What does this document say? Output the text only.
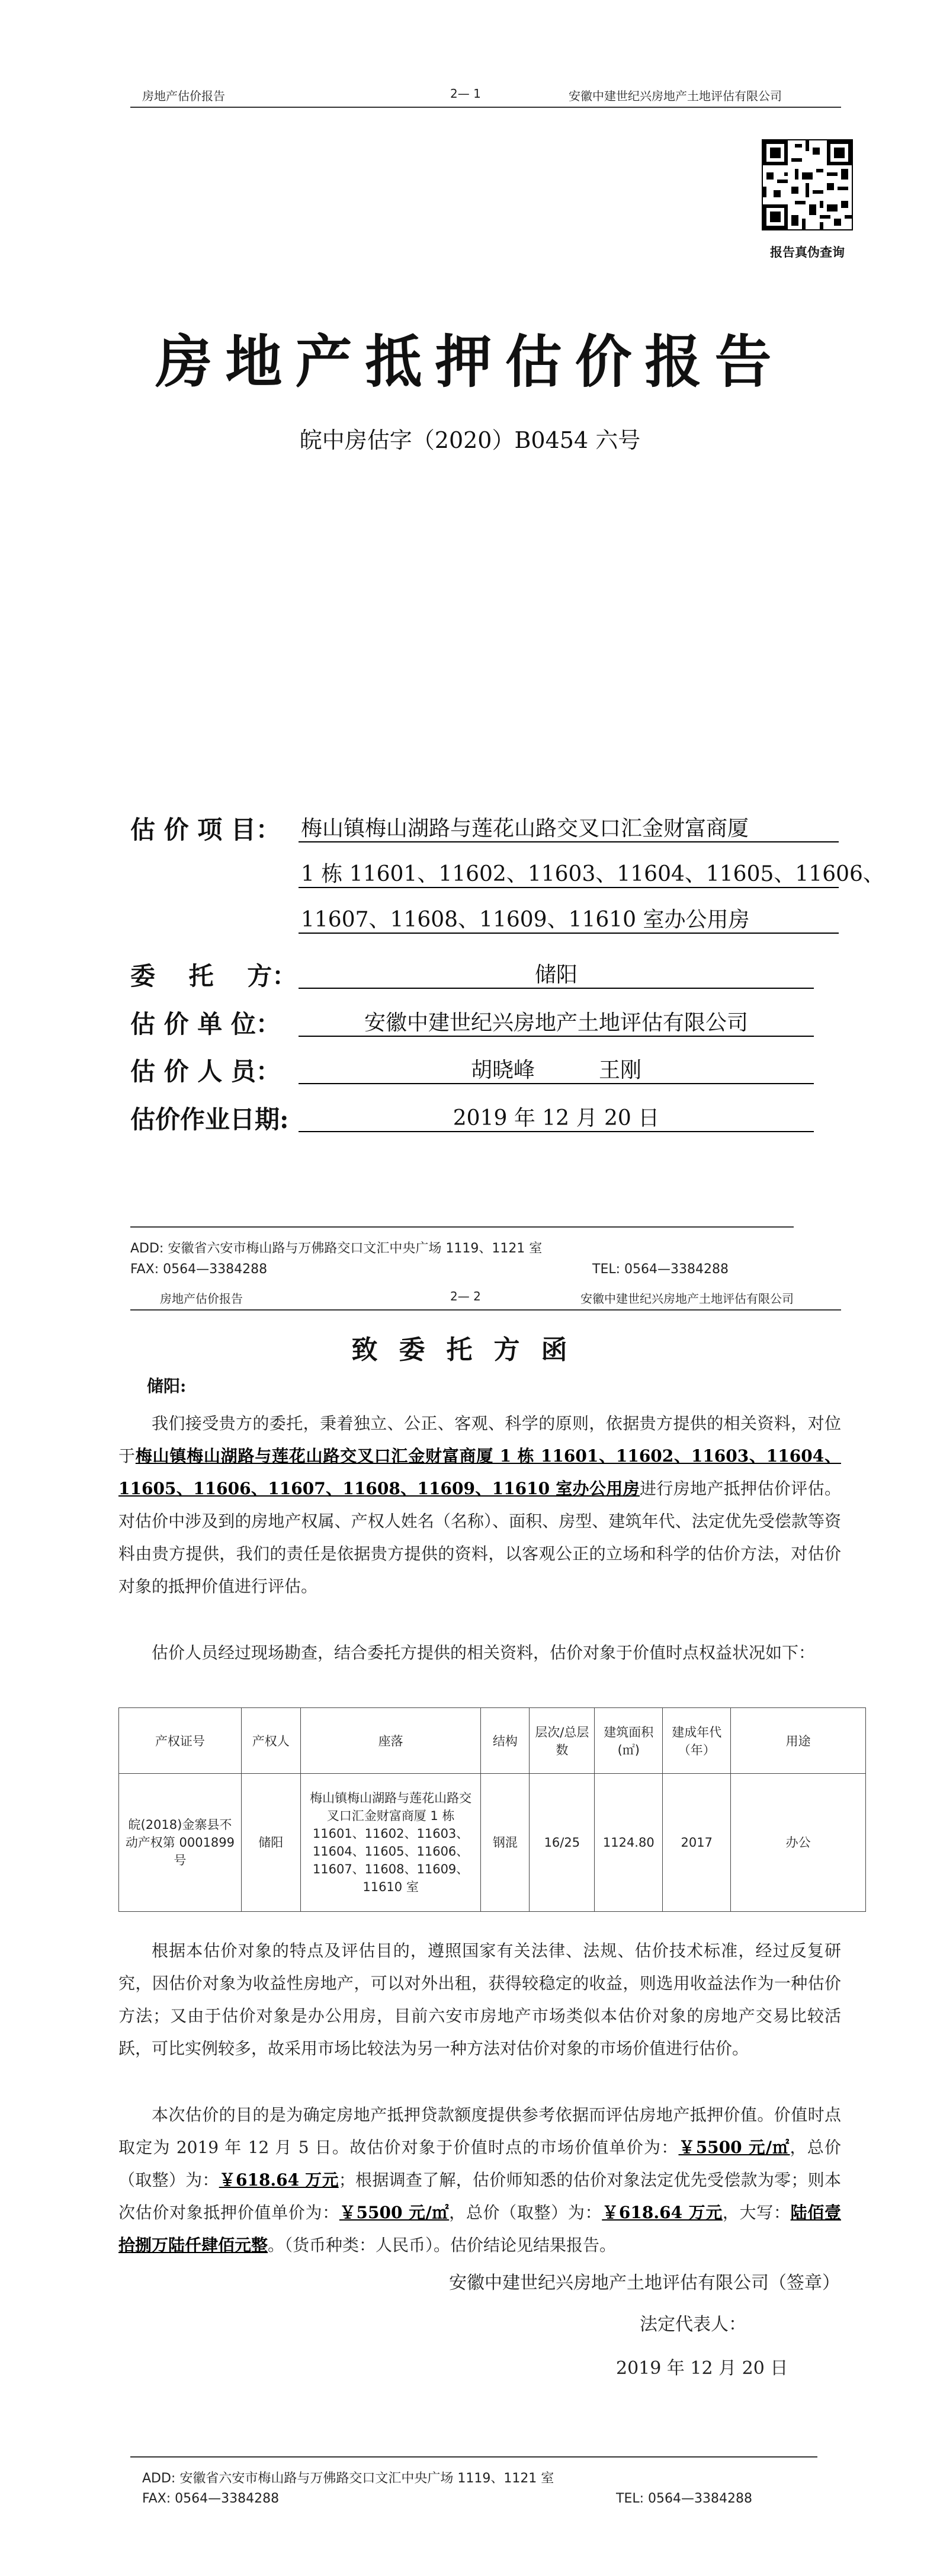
房地产估价报告	2— 1	安徽中建世纪兴房地产土地评估有限公司
报告真伪查询
房地产抵押估价报告
皖中房估字（2020）B0454 六号
估 价 项 目： 梅山镇梅山湖路与莲花山路交叉口汇金财富商厦
1 栋 11601、11602、11603、11604、11605、11606、
11607、11608、11609、11610 室办公用房
委　 托　 方：	储阳
估 价 单 位：	安徽中建世纪兴房地产土地评估有限公司
估 价 人 员：	胡晓峰　　　王刚
估价作业日期:	2019 年 12 月 20 日
ADD: 安徽省六安市梅山路与万佛路交口文汇中央广场 1119、1121 室
FAX: 0564—3384288	TEL: 0564—3384288
房地产估价报告	2— 2	安徽中建世纪兴房地产土地评估有限公司
致委托方函
储阳:
我们接受贵方的委托，秉着独立、公正、客观、科学的原则，依据贵方提供的相关资料，对位于梅山镇梅山湖路与莲花山路交叉口汇金财富商厦 1 栋 11601、11602、11603、11604、11605、11606、11607、11608、11609、11610 室办公用房进行房地产抵押估价评估。对估价中涉及到的房地产权属、产权人姓名（名称）、面积、房型、建筑年代、法定优先受偿款等资料由贵方提供，我们的责任是依据贵方提供的资料，以客观公正的立场和科学的估价方法，对估价对象的抵押价值进行评估。
估价人员经过现场勘查，结合委托方提供的相关资料，估价对象于价值时点权益状况如下：
产权证号	产权人	座落	结构	层次/总层数	建筑面积(㎡)	建成年代（年）	用途
皖(2018)金寨县不动产权第 0001899 号	储阳	梅山镇梅山湖路与莲花山路交叉口汇金财富商厦 1 栋 11601、11602、11603、11604、11605、11606、11607、11608、11609、11610 室	钢混	16/25	1124.80	2017	办公
根据本估价对象的特点及评估目的，遵照国家有关法律、法规、估价技术标准，经过反复研究，因估价对象为收益性房地产，可以对外出租，获得较稳定的收益，则选用收益法作为一种估价方法；又由于估价对象是办公用房，目前六安市房地产市场类似本估价对象的房地产交易比较活跃，可比实例较多，故采用市场比较法为另一种方法对估价对象的市场价值进行估价。
本次估价的目的是为确定房地产抵押贷款额度提供参考依据而评估房地产抵押价值。价值时点取定为 2019 年 12 月 5 日。故估价对象于价值时点的市场价值单价为：￥5500 元/㎡，总价（取整）为：￥618.64 万元；根据调查了解，估价师知悉的估价对象法定优先受偿款为零；则本次估价对象抵押价值单价为：￥5500 元/㎡，总价（取整）为：￥618.64 万元，大写：陆佰壹拾捌万陆仟肆佰元整。（货币种类：人民币）。估价结论见结果报告。
安徽中建世纪兴房地产土地评估有限公司（签章）
法定代表人：
2019 年 12 月 20 日
ADD: 安徽省六安市梅山路与万佛路交口文汇中央广场 1119、1121 室
FAX: 0564—3384288	TEL: 0564—3384288
